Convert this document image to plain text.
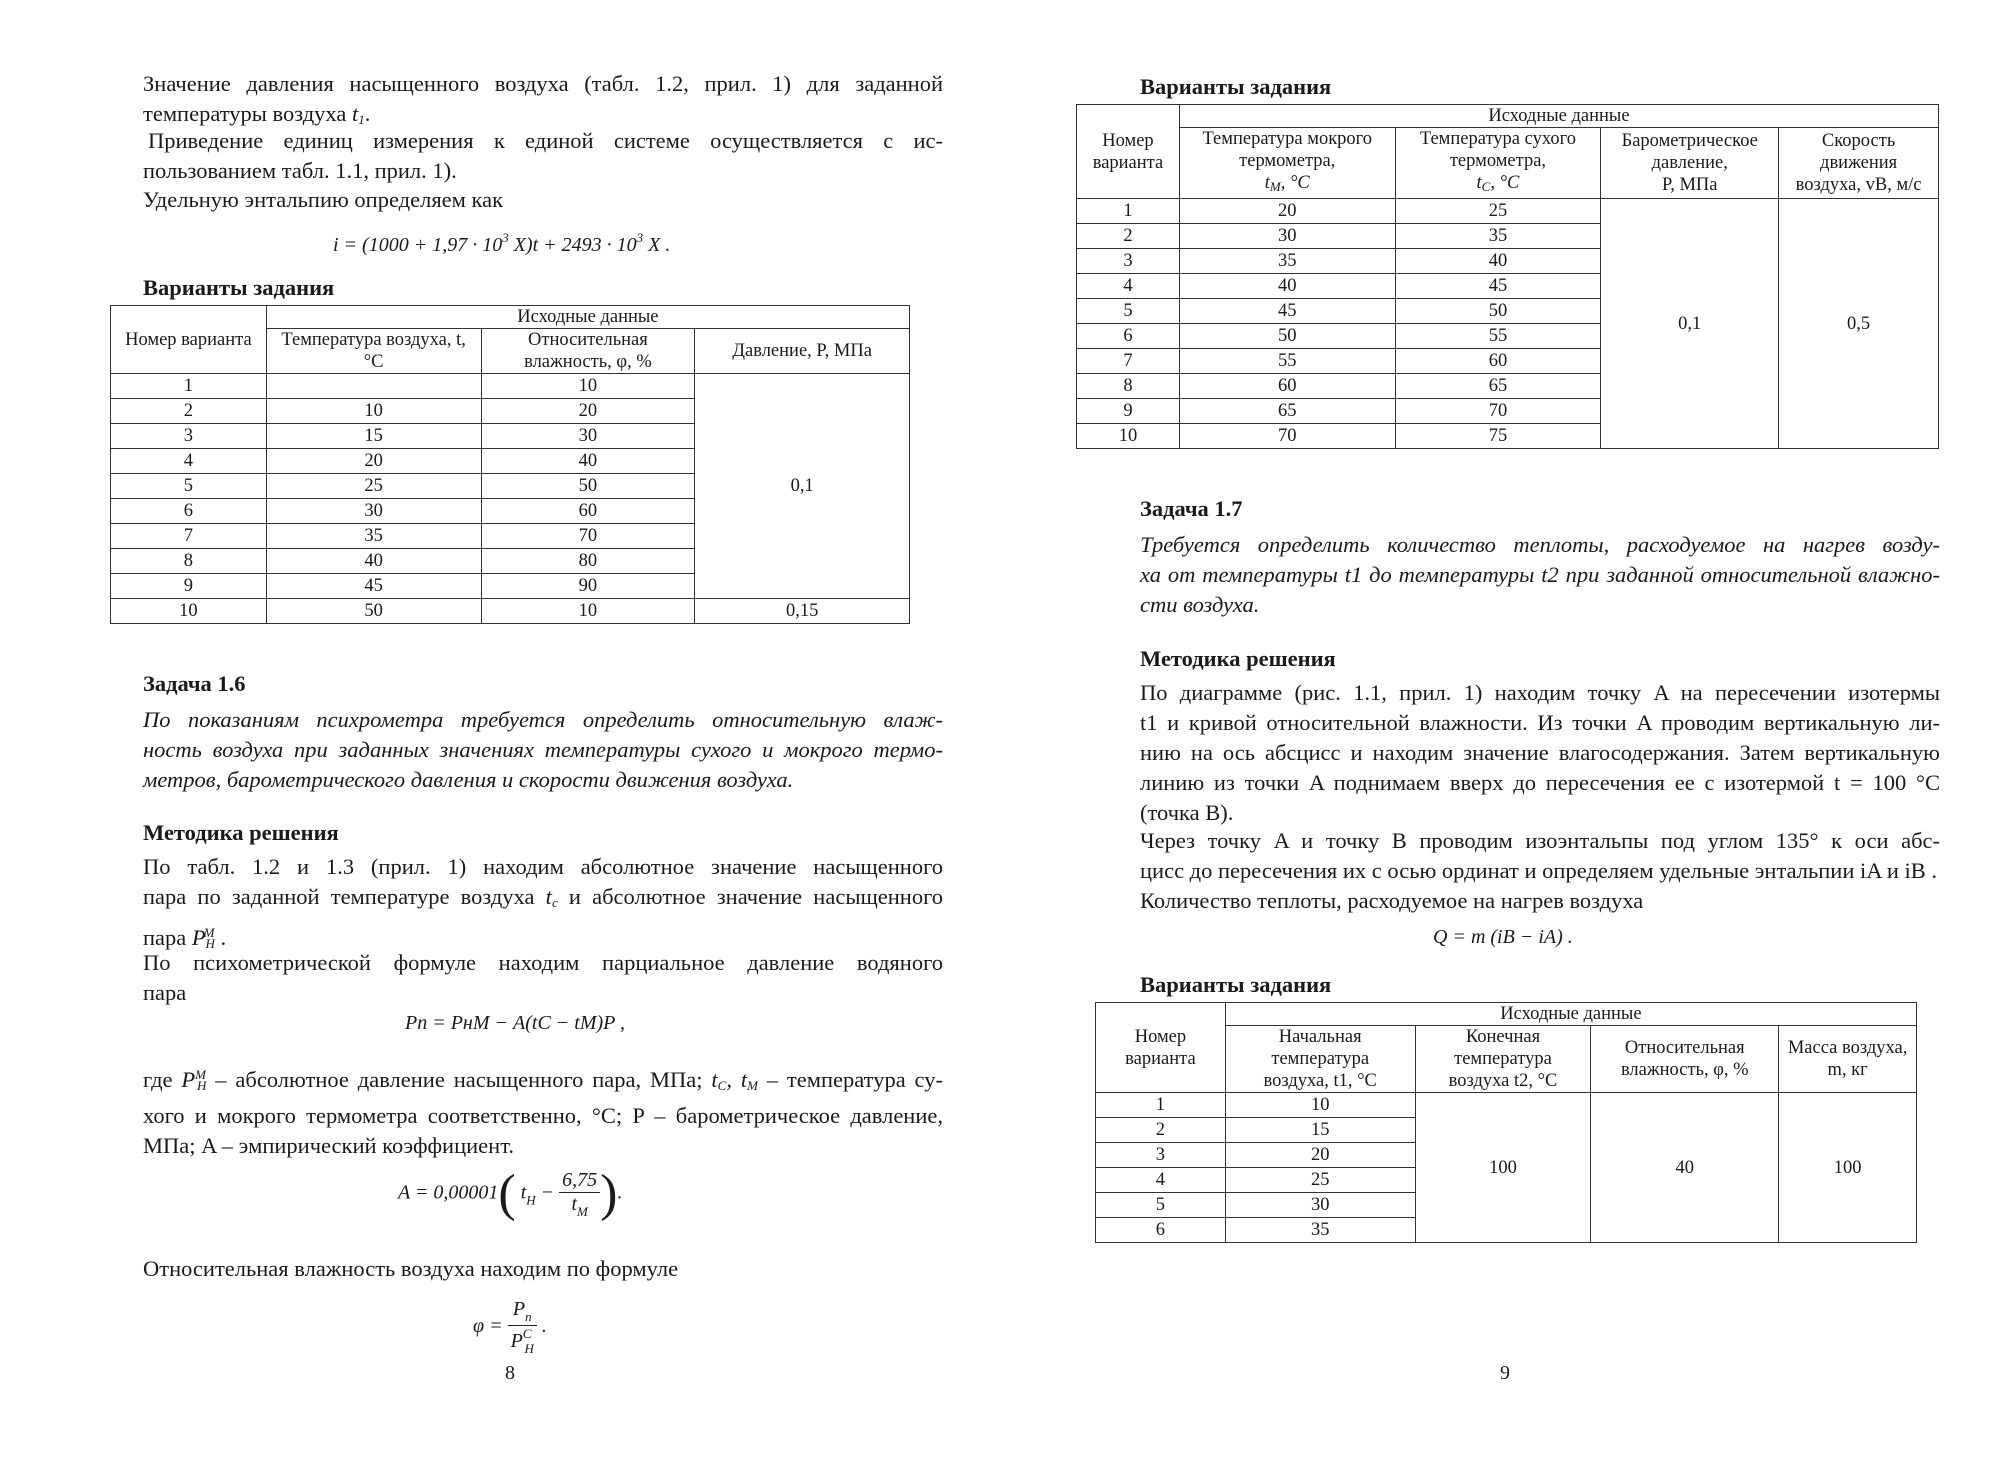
Значение давления насыщенного воздуха (табл. 1.2, прил. 1) для заданной
температуры воздуха $t_1$.
Приведение единиц измерения к единой системе осуществляется с ис-
пользованием табл. 1.1, прил. 1).
Удельную энтальпию определяем как
$i = (1000 + 1,97 \cdot 10^3$ $X)t + 2493 \cdot 10^3$ X .
Варианты задания
Номер варианта	Исходные данные		
	Температура воздуха, t, °C	Относительная влажность, φ, %	Давление, P, МПа
1		10	0,1
2	10	20	
3	15	30	
4	20	40	
5	25	50	
6	30	60	
7	35	70	
8	40	80	
9	45	90	
10	50	10	0,15
Задача 1.6
По показаниям психрометра требуется определить относительную влаж-
ность воздуха при заданных значениях температуры сухого и мокрого термо-
метров, барометрического давления и скорости движения воздуха.
Методика решения
По табл. 1.2 и 1.3 (прил. 1) находим абсолютное значение насыщенного
пара по заданной температуре воздуха $t_с$ и абсолютное значение насыщенного
пара $P^М_Н$ .
По психометрической формуле находим парциальное давление водяного
пара
Pп = PнМ − A(tC − tМ)P ,
где $P^М_Н$ – абсолютное давление насыщенного пара, МПа; $t_C$, $t_M$ – температура су-
хого и мокрого термометра соответственно, °C; P – барометрическое давление,
МПа; A – эмпирический коэффициент.
A = 0,00001( $t_H - \frac{6,75}{t_M}$ ).
Относительная влажность воздуха находим по формуле
$\varphi = \frac{P_п}{P^C_H}$ .
8
Варианты задания
Номер варианта	Исходные данные			
	Температура мокрого термометра,
$t_M$, °C	Температура сухого термометра,
$t_C$, °C	Барометрическое давление,
P, МПа	Скорость движения
воздуха, vB, м/с
1	20	25	0,1	0,5
2	30	35		
3	35	40		
4	40	45		
5	45	50		
6	50	55		
7	55	60		
8	60	65		
9	65	70		
10	70	75		
Задача 1.7
Требуется определить количество теплоты, расходуемое на нагрев возду-
ха от температуры t1 до температуры t2 при заданной относительной влажно-
сти воздуха.
Методика решения
По диаграмме (рис. 1.1, прил. 1) находим точку A на пересечении изотермы
t1 и кривой относительной влажности. Из точки A проводим вертикальную ли-
нию на ось абсцисс и находим значение влагосодержания. Затем вертикальную
линию из точки A поднимаем вверх до пересечения ее с изотермой t = 100 °C
(точка B).
Через точку A и точку B проводим изоэнтальпы под углом 135° к оси абс-
цисс до пересечения их с осью ординат и определяем удельные энтальпии iA и iB .
Количество теплоты, расходуемое на нагрев воздуха
Q = m (iB − iA) .
Варианты задания
Номер варианта	Исходные данные			
	Начальная температура
воздуха, t1, °C	Конечная температура
воздуха t2, °C	Относительная влажность, φ, %	Масса воздуха,
m, кг
1	10	100	40	100
2	15			
3	20			
4	25			
5	30			
6	35			
9
